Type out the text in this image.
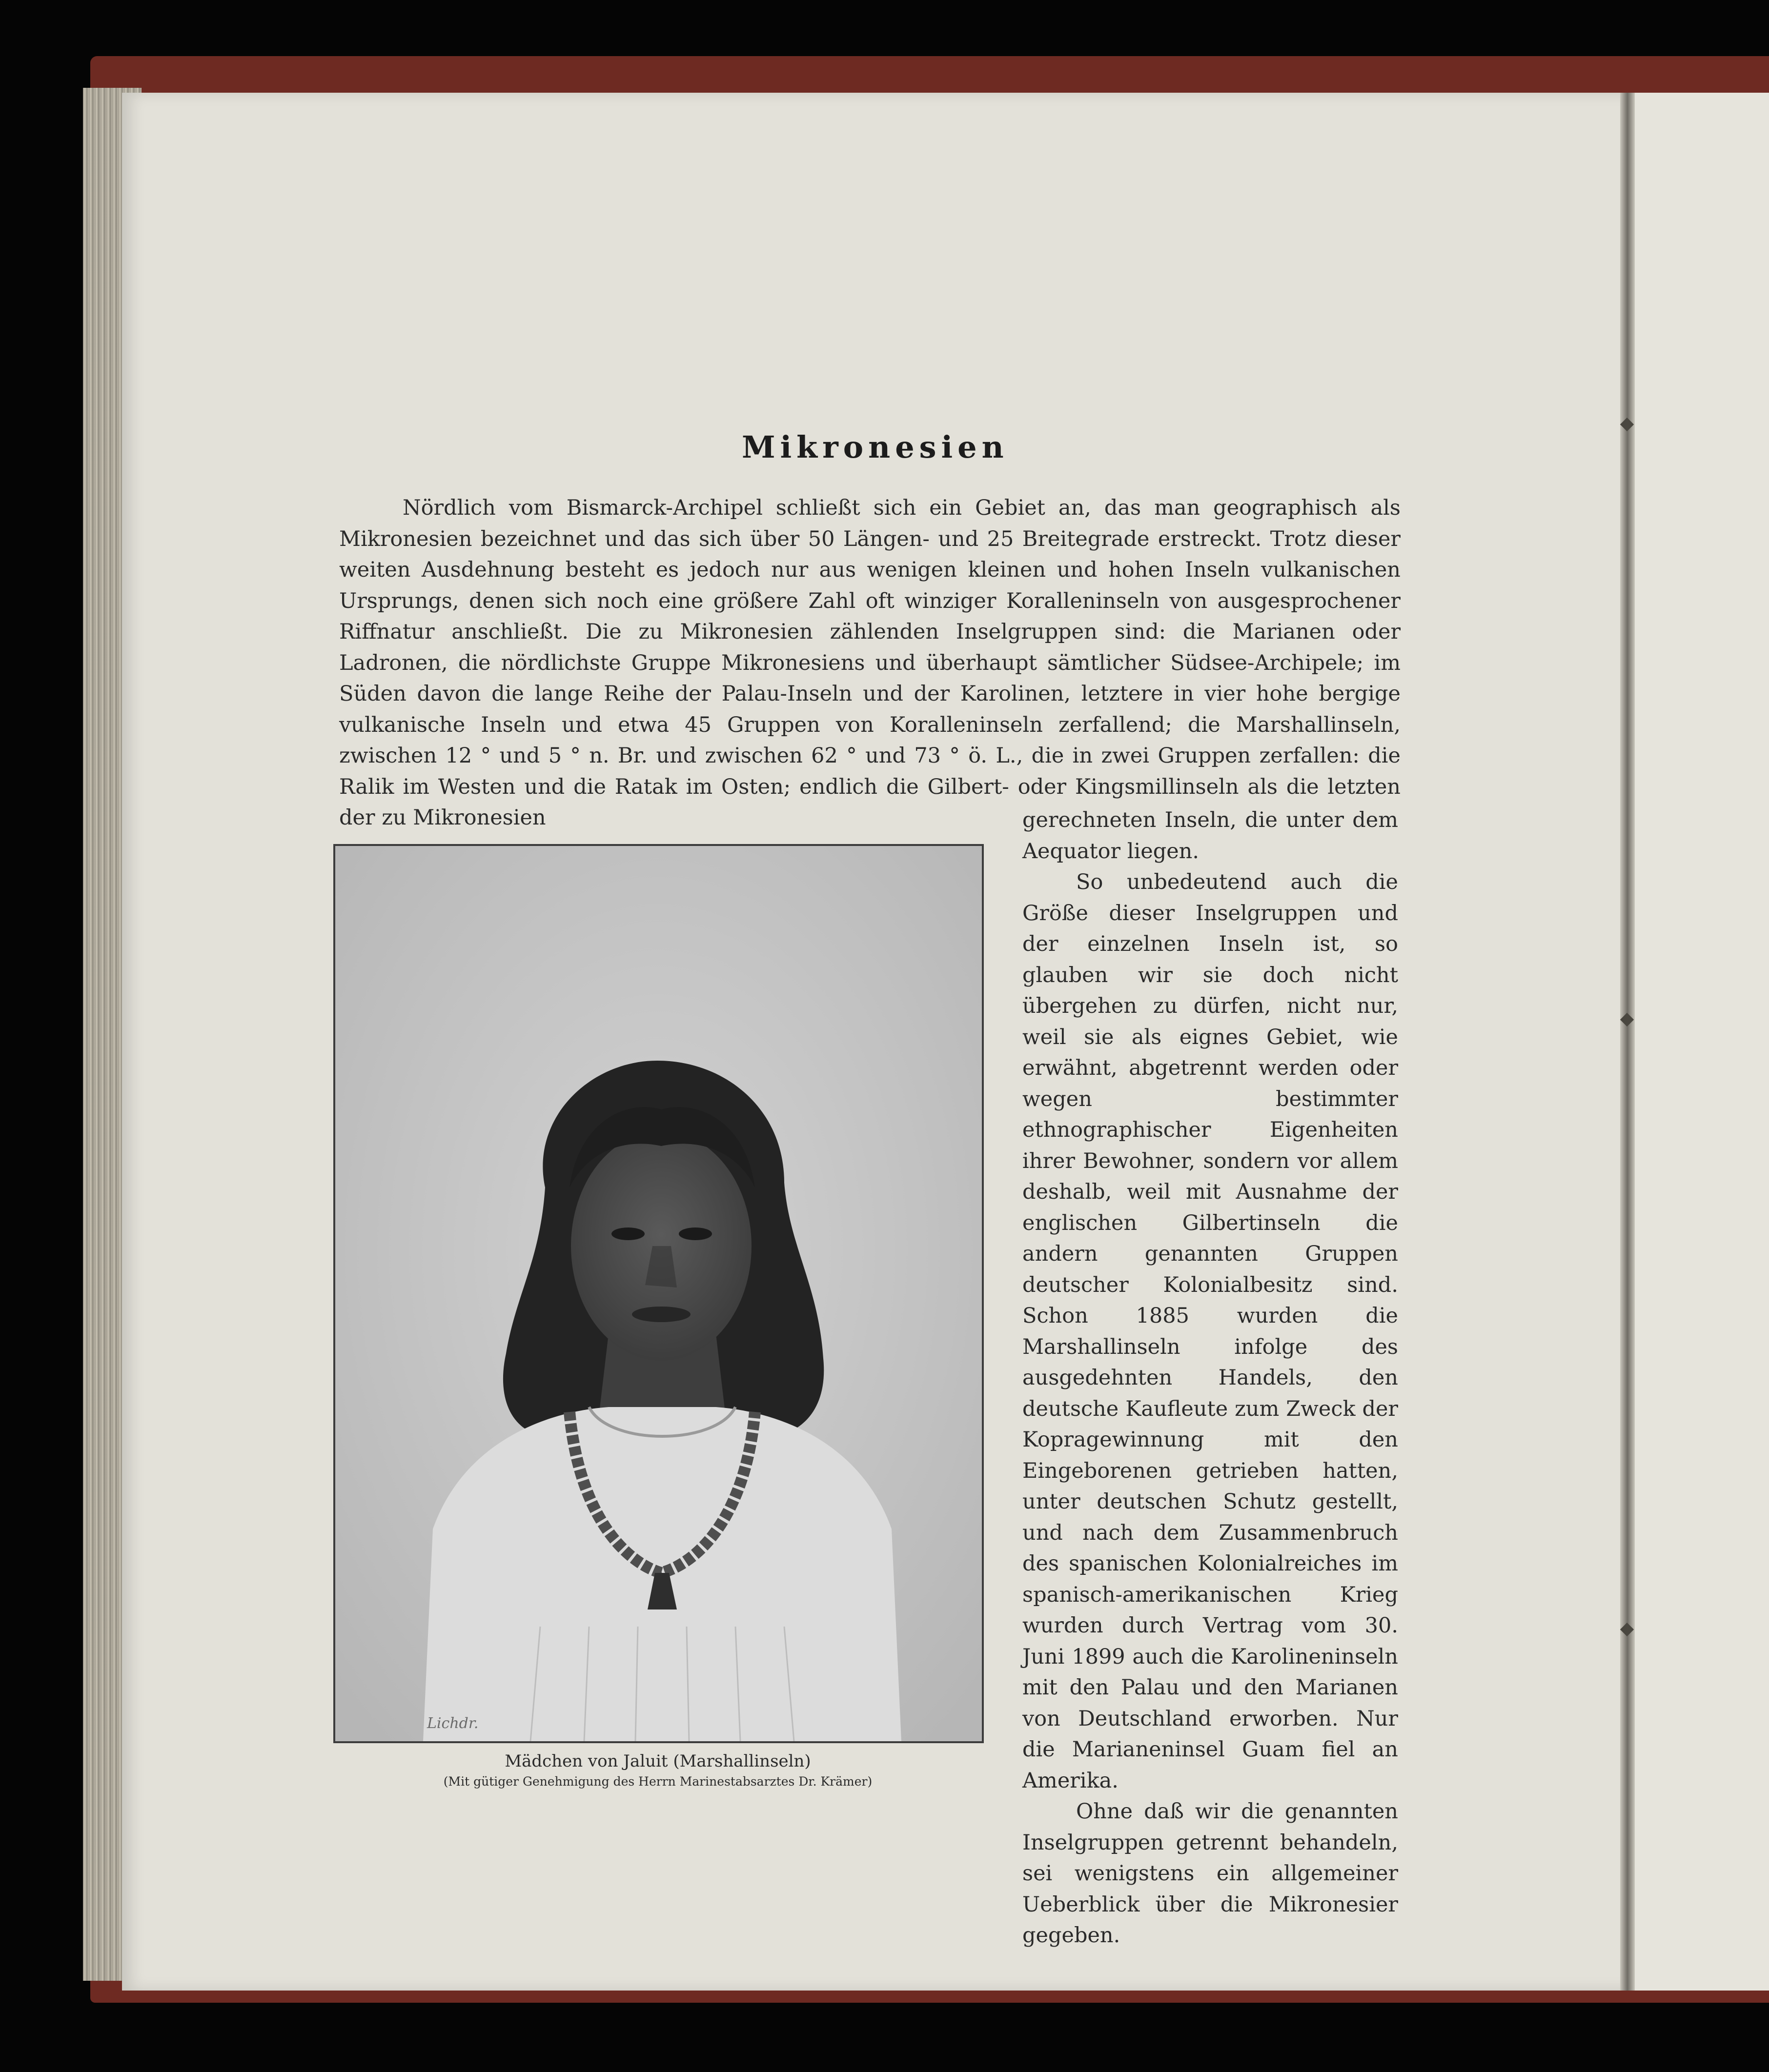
Mikronesien

Nördlich vom Bismarck-Archipel schließt sich ein Gebiet an, das man geographisch als Mikronesien bezeichnet und das sich über 50 Längen- und 25 Breitegrade erstreckt. Trotz dieser weiten Ausdehnung besteht es jedoch nur aus wenigen kleinen und hohen Inseln vulkanischen Ursprungs, denen sich noch eine größere Zahl oft winziger Koralleninseln von ausgesprochener Riffnatur anschließt. Die zu Mikronesien zählenden Inselgruppen sind: die Marianen oder Ladronen, die nördlichste Gruppe Mikronesiens und überhaupt sämtlicher Südsee-Archipele; im Süden davon die lange Reihe der Palau-Inseln und der Karolinen, letztere in vier hohe bergige vulkanische Inseln und etwa 45 Gruppen von Koralleninseln zerfallend; die Marshallinseln, zwischen 12 ° und 5 ° n. Br. und zwischen 62 ° und 73 ° ö. L., die in zwei Gruppen zerfallen: die Ralik im Westen und die Ratak im Osten; endlich die Gilbert- oder Kingsmillinseln als die letzten der zu Mikronesien

Lichdr.
Mädchen von Jaluit (Marshallinseln)
(Mit gütiger Genehmigung des Herrn Marinestabsarztes Dr. Krämer)

gerechneten Inseln, die unter dem Aequator liegen.

So unbedeutend auch die Größe dieser Inselgruppen und der einzelnen Inseln ist, so glauben wir sie doch nicht übergehen zu dürfen, nicht nur, weil sie als eignes Gebiet, wie erwähnt, abgetrennt werden oder wegen bestimmter ethnographischer Eigenheiten ihrer Bewohner, sondern vor allem deshalb, weil mit Ausnahme der englischen Gilbertinseln die andern genannten Gruppen deutscher Kolonialbesitz sind. Schon 1885 wurden die Marshallinseln infolge des ausgedehnten Handels, den deutsche Kaufleute zum Zweck der Kopragewinnung mit den Eingeborenen getrieben hatten, unter deutschen Schutz gestellt, und nach dem Zusammenbruch des spanischen Kolonialreiches im spanisch-amerikanischen Krieg wurden durch Vertrag vom 30. Juni 1899 auch die Karolineninseln mit den Palau und den Marianen von Deutschland erworben. Nur die Marianeninsel Guam fiel an Amerika.

Ohne daß wir die genannten Inselgruppen getrennt behandeln, sei wenigstens ein allgemeiner Ueberblick über die Mikronesier gegeben.
